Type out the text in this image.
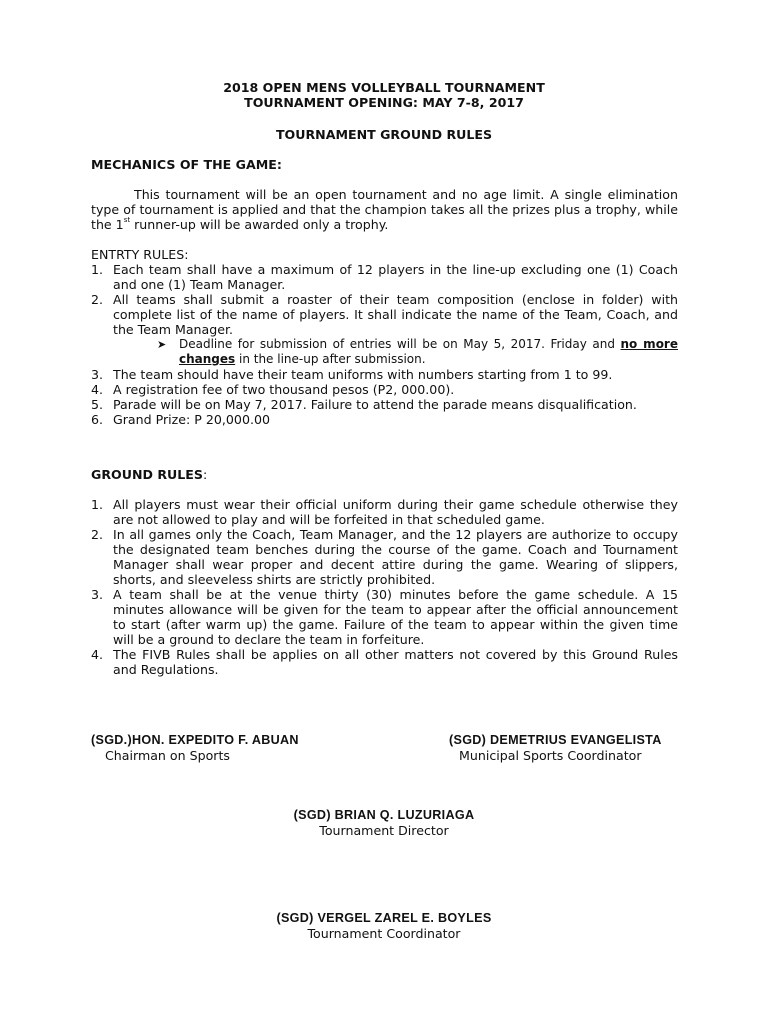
2018 OPEN MENS VOLLEYBALL TOURNAMENT
TOURNAMENT OPENING: MAY 7-8, 2017
TOURNAMENT GROUND RULES
MECHANICS OF THE GAME:
This tournament will be an open tournament and no age limit. A single elimination type of tournament is applied and that the champion takes all the prizes plus a trophy, while the 1st runner-up will be awarded only a trophy.
ENTRTY RULES:
1. Each team shall have a maximum of 12 players in the line-up excluding one (1) Coach and one (1) Team Manager.
2. All teams shall submit a roaster of their team composition (enclose in folder) with complete list of the name of players. It shall indicate the name of the Team, Coach, and the Team Manager.
➤ Deadline for submission of entries will be on May 5, 2017. Friday and no more changes in the line-up after submission.
3. The team should have their team uniforms with numbers starting from 1 to 99.
4. A registration fee of two thousand pesos (P2, 000.00).
5. Parade will be on May 7, 2017. Failure to attend the parade means disqualification.
6. Grand Prize: P 20,000.00
GROUND RULES:
1. All players must wear their official uniform during their game schedule otherwise they are not allowed to play and will be forfeited in that scheduled game.
2. In all games only the Coach, Team Manager, and the 12 players are authorize to occupy the designated team benches during the course of the game. Coach and Tournament Manager shall wear proper and decent attire during the game. Wearing of slippers, shorts, and sleeveless shirts are strictly prohibited.
3. A team shall be at the venue thirty (30) minutes before the game schedule. A 15 minutes allowance will be given for the team to appear after the official announcement to start (after warm up) the game. Failure of the team to appear within the given time will be a ground to declare the team in forfeiture.
4. The FIVB Rules shall be applies on all other matters not covered by this Ground Rules and Regulations.
(SGD.)HON. EXPEDITO F. ABUAN
Chairman on Sports
(SGD) DEMETRIUS EVANGELISTA
Municipal Sports Coordinator
(SGD) BRIAN Q. LUZURIAGA
Tournament Director
(SGD) VERGEL ZAREL E. BOYLES
Tournament Coordinator
